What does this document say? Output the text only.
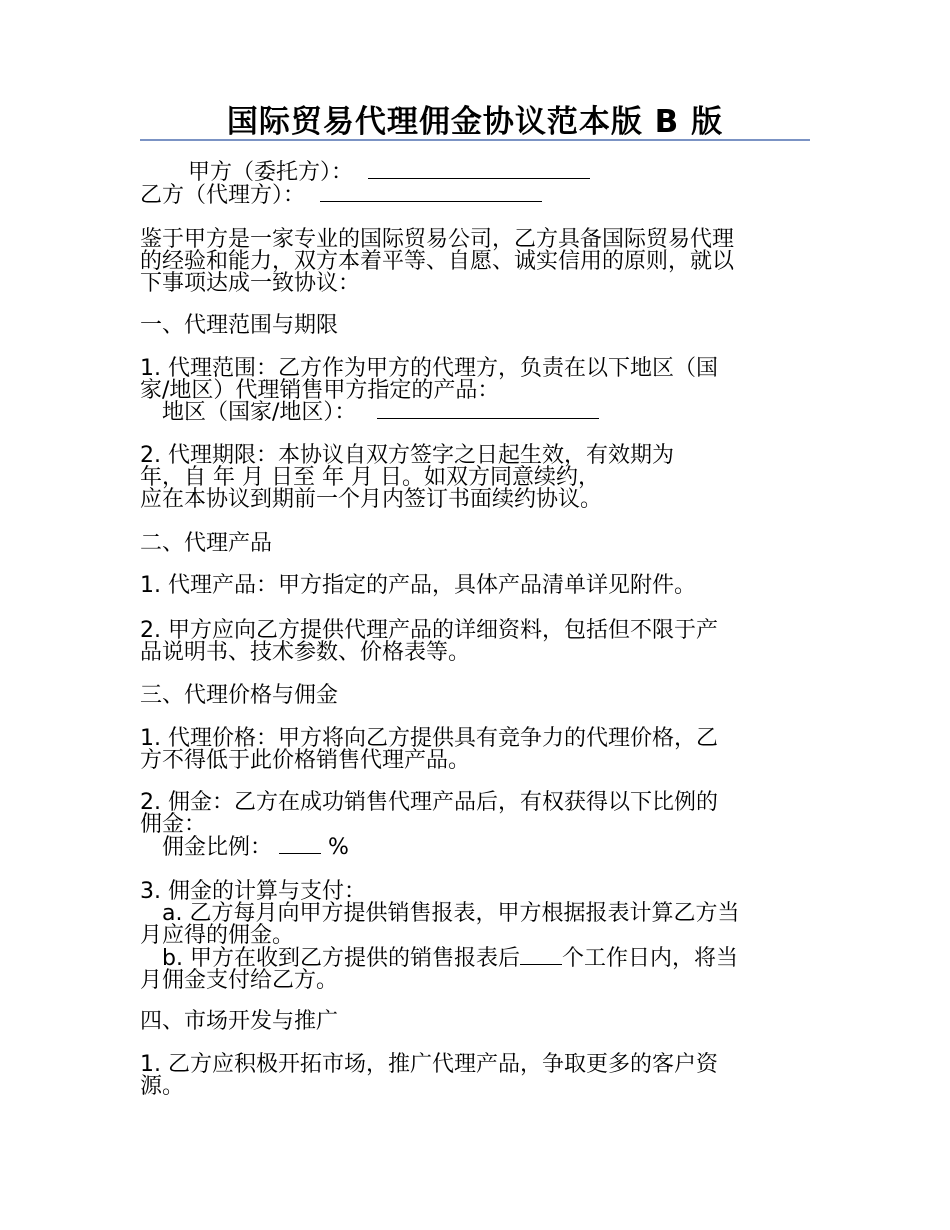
国际贸易代理佣金协议范本版 B 版
甲方（委托方）：
乙方（代理方）：
鉴于甲方是一家专业的国际贸易公司，乙方具备国际贸易代理
的经验和能力，双方本着平等、自愿、诚实信用的原则，就以
下事项达成一致协议：
一、代理范围与期限
1. 代理范围：乙方作为甲方的代理方，负责在以下地区（国
家/地区）代理销售甲方指定的产品：
地区（国家/地区）：
2. 代理期限：本协议自双方签字之日起生效，有效期为
年，自 年 月 日至 年 月 日。如双方同意续约，
应在本协议到期前一个月内签订书面续约协议。
二、代理产品
1. 代理产品：甲方指定的产品，具体产品清单详见附件。
2. 甲方应向乙方提供代理产品的详细资料，包括但不限于产
品说明书、技术参数、价格表等。
三、代理价格与佣金
1. 代理价格：甲方将向乙方提供具有竞争力的代理价格，乙
方不得低于此价格销售代理产品。
2. 佣金：乙方在成功销售代理产品后，有权获得以下比例的
佣金：
佣金比例：	%
3. 佣金的计算与支付：
a. 乙方每月向甲方提供销售报表，甲方根据报表计算乙方当
月应得的佣金。
b. 甲方在收到乙方提供的销售报表后 个工作日内，将当
月佣金支付给乙方。
四、市场开发与推广
1. 乙方应积极开拓市场，推广代理产品，争取更多的客户资
源。
